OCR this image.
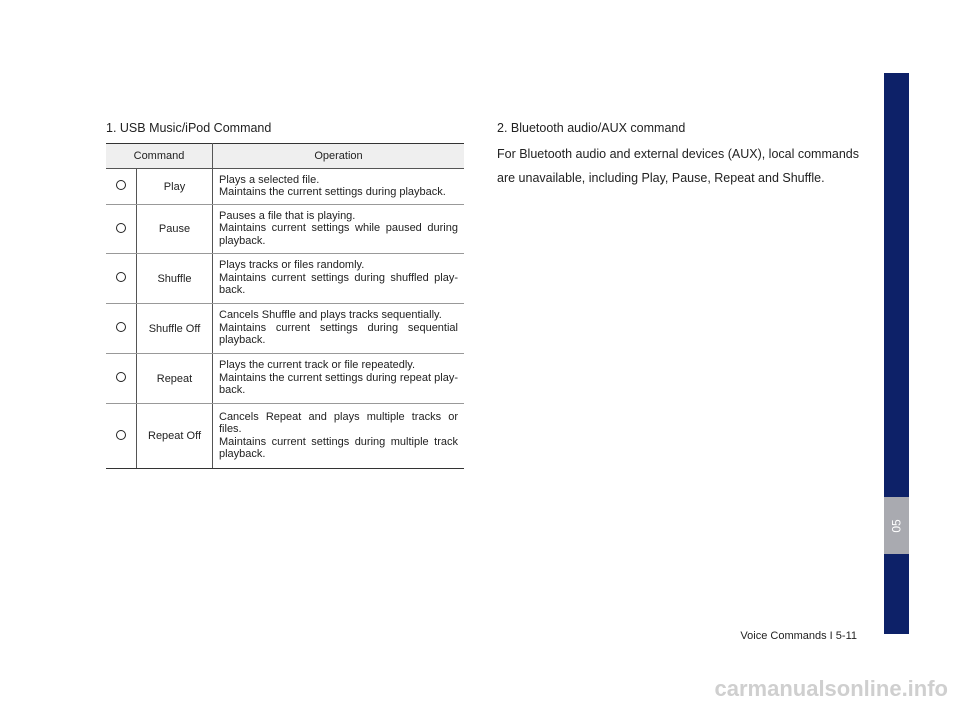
1. USB Music/iPod Command
Command		Operation
	Play	Plays a selected file.
Maintains the current settings during playback.

	Pause	Pauses a file that is playing.
Maintains current settings while paused during playback.

	Shuffle	Plays tracks or files randomly.
Maintains current settings during shuffled play-back.

	Shuffle Off	Cancels Shuffle and plays tracks sequentially.
Maintains current settings during sequential playback.

	Repeat	Plays the current track or file repeatedly.
Maintains the current settings during repeat play-back.

	Repeat Off	Cancels Repeat and plays multiple tracks or files.
Maintains current settings during multiple track playback.
2. Bluetooth audio/AUX command
For Bluetooth audio and external devices (AUX), local commands are unavailable, including Play, Pause, Repeat and Shuffle.
05
Voice Commands I 5-11
carmanualsonline.info
